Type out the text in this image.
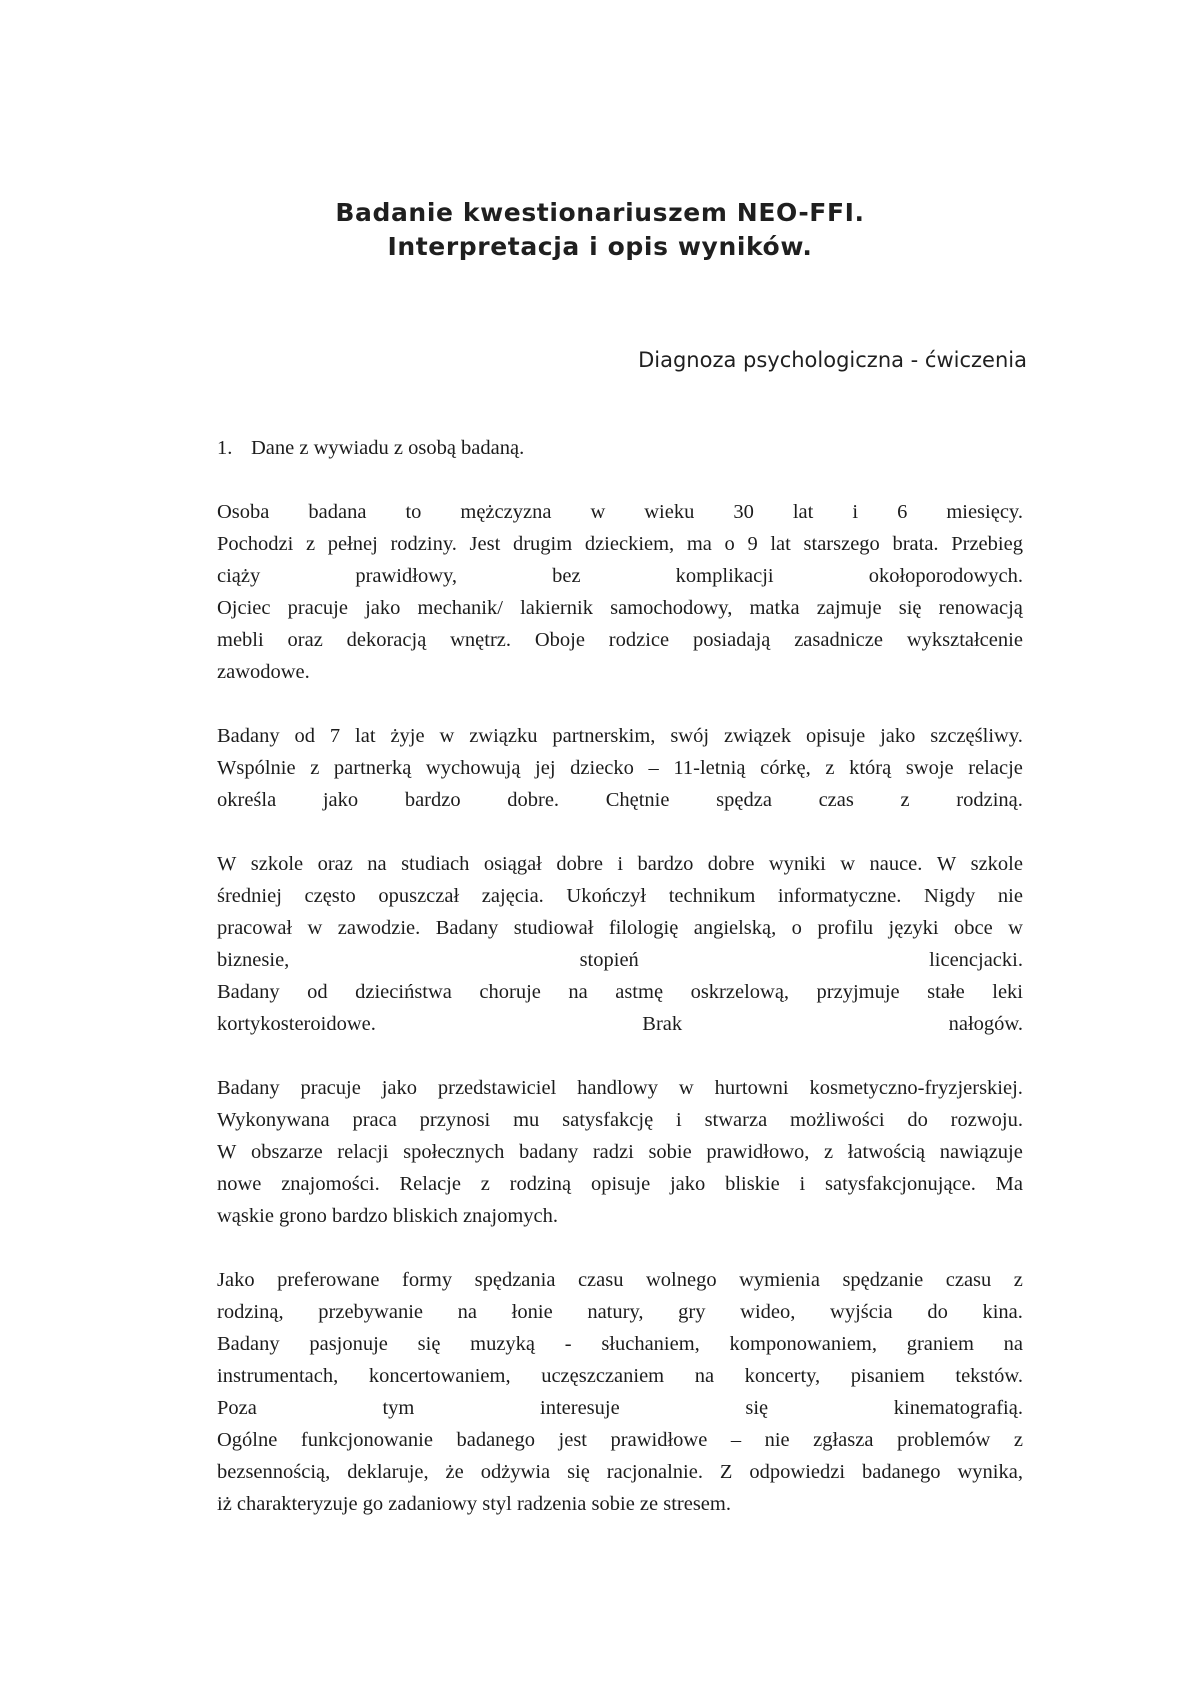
Badanie kwestionariuszem NEO-FFI.
Interpretacja i opis wyników.
Diagnoza psychologiczna - ćwiczenia
1. Dane z wywiadu z osobą badaną.
Osoba badana to mężczyzna w wieku 30 lat i 6 miesięcy.
Pochodzi z pełnej rodziny. Jest drugim dzieckiem, ma o 9 lat starszego brata. Przebieg
ciąży	prawidłowy,	bez	komplikacji	okołoporodowych.
Ojciec pracuje jako mechanik/ lakiernik samochodowy, matka zajmuje się renowacją
mebli oraz dekoracją wnętrz. Oboje rodzice posiadają zasadnicze wykształcenie
zawodowe.
Badany od 7 lat żyje w związku partnerskim, swój związek opisuje jako szczęśliwy.
Wspólnie z partnerką wychowują jej dziecko – 11-letnią córkę, z którą swoje relacje
określa jako bardzo dobre. Chętnie spędza czas z rodziną.
W szkole oraz na studiach osiągał dobre i bardzo dobre wyniki w nauce. W szkole
średniej często opuszczał zajęcia. Ukończył technikum informatyczne. Nigdy nie
pracował w zawodzie. Badany studiował filologię angielską, o profilu języki obce w
biznesie,	stopień	licencjacki.
Badany od dzieciństwa choruje na astmę oskrzelową, przyjmuje stałe leki
kortykosteroidowe.	Brak	nałogów.
Badany pracuje jako przedstawiciel handlowy w hurtowni kosmetyczno-fryzjerskiej.
Wykonywana praca przynosi mu satysfakcję i stwarza możliwości do rozwoju.
W obszarze relacji społecznych badany radzi sobie prawidłowo, z łatwością nawiązuje
nowe znajomości. Relacje z rodziną opisuje jako bliskie i satysfakcjonujące. Ma
wąskie grono bardzo bliskich znajomych.
Jako preferowane formy spędzania czasu wolnego wymienia spędzanie czasu z
rodziną, przebywanie na łonie natury, gry wideo, wyjścia do kina.
Badany pasjonuje się muzyką - słuchaniem, komponowaniem, graniem na
instrumentach, koncertowaniem, uczęszczaniem na koncerty, pisaniem tekstów.
Poza	tym	interesuje	się	kinematografią.
Ogólne funkcjonowanie badanego jest prawidłowe – nie zgłasza problemów z
bezsennością, deklaruje, że odżywia się racjonalnie. Z odpowiedzi badanego wynika,
iż charakteryzuje go zadaniowy styl radzenia sobie ze stresem.
